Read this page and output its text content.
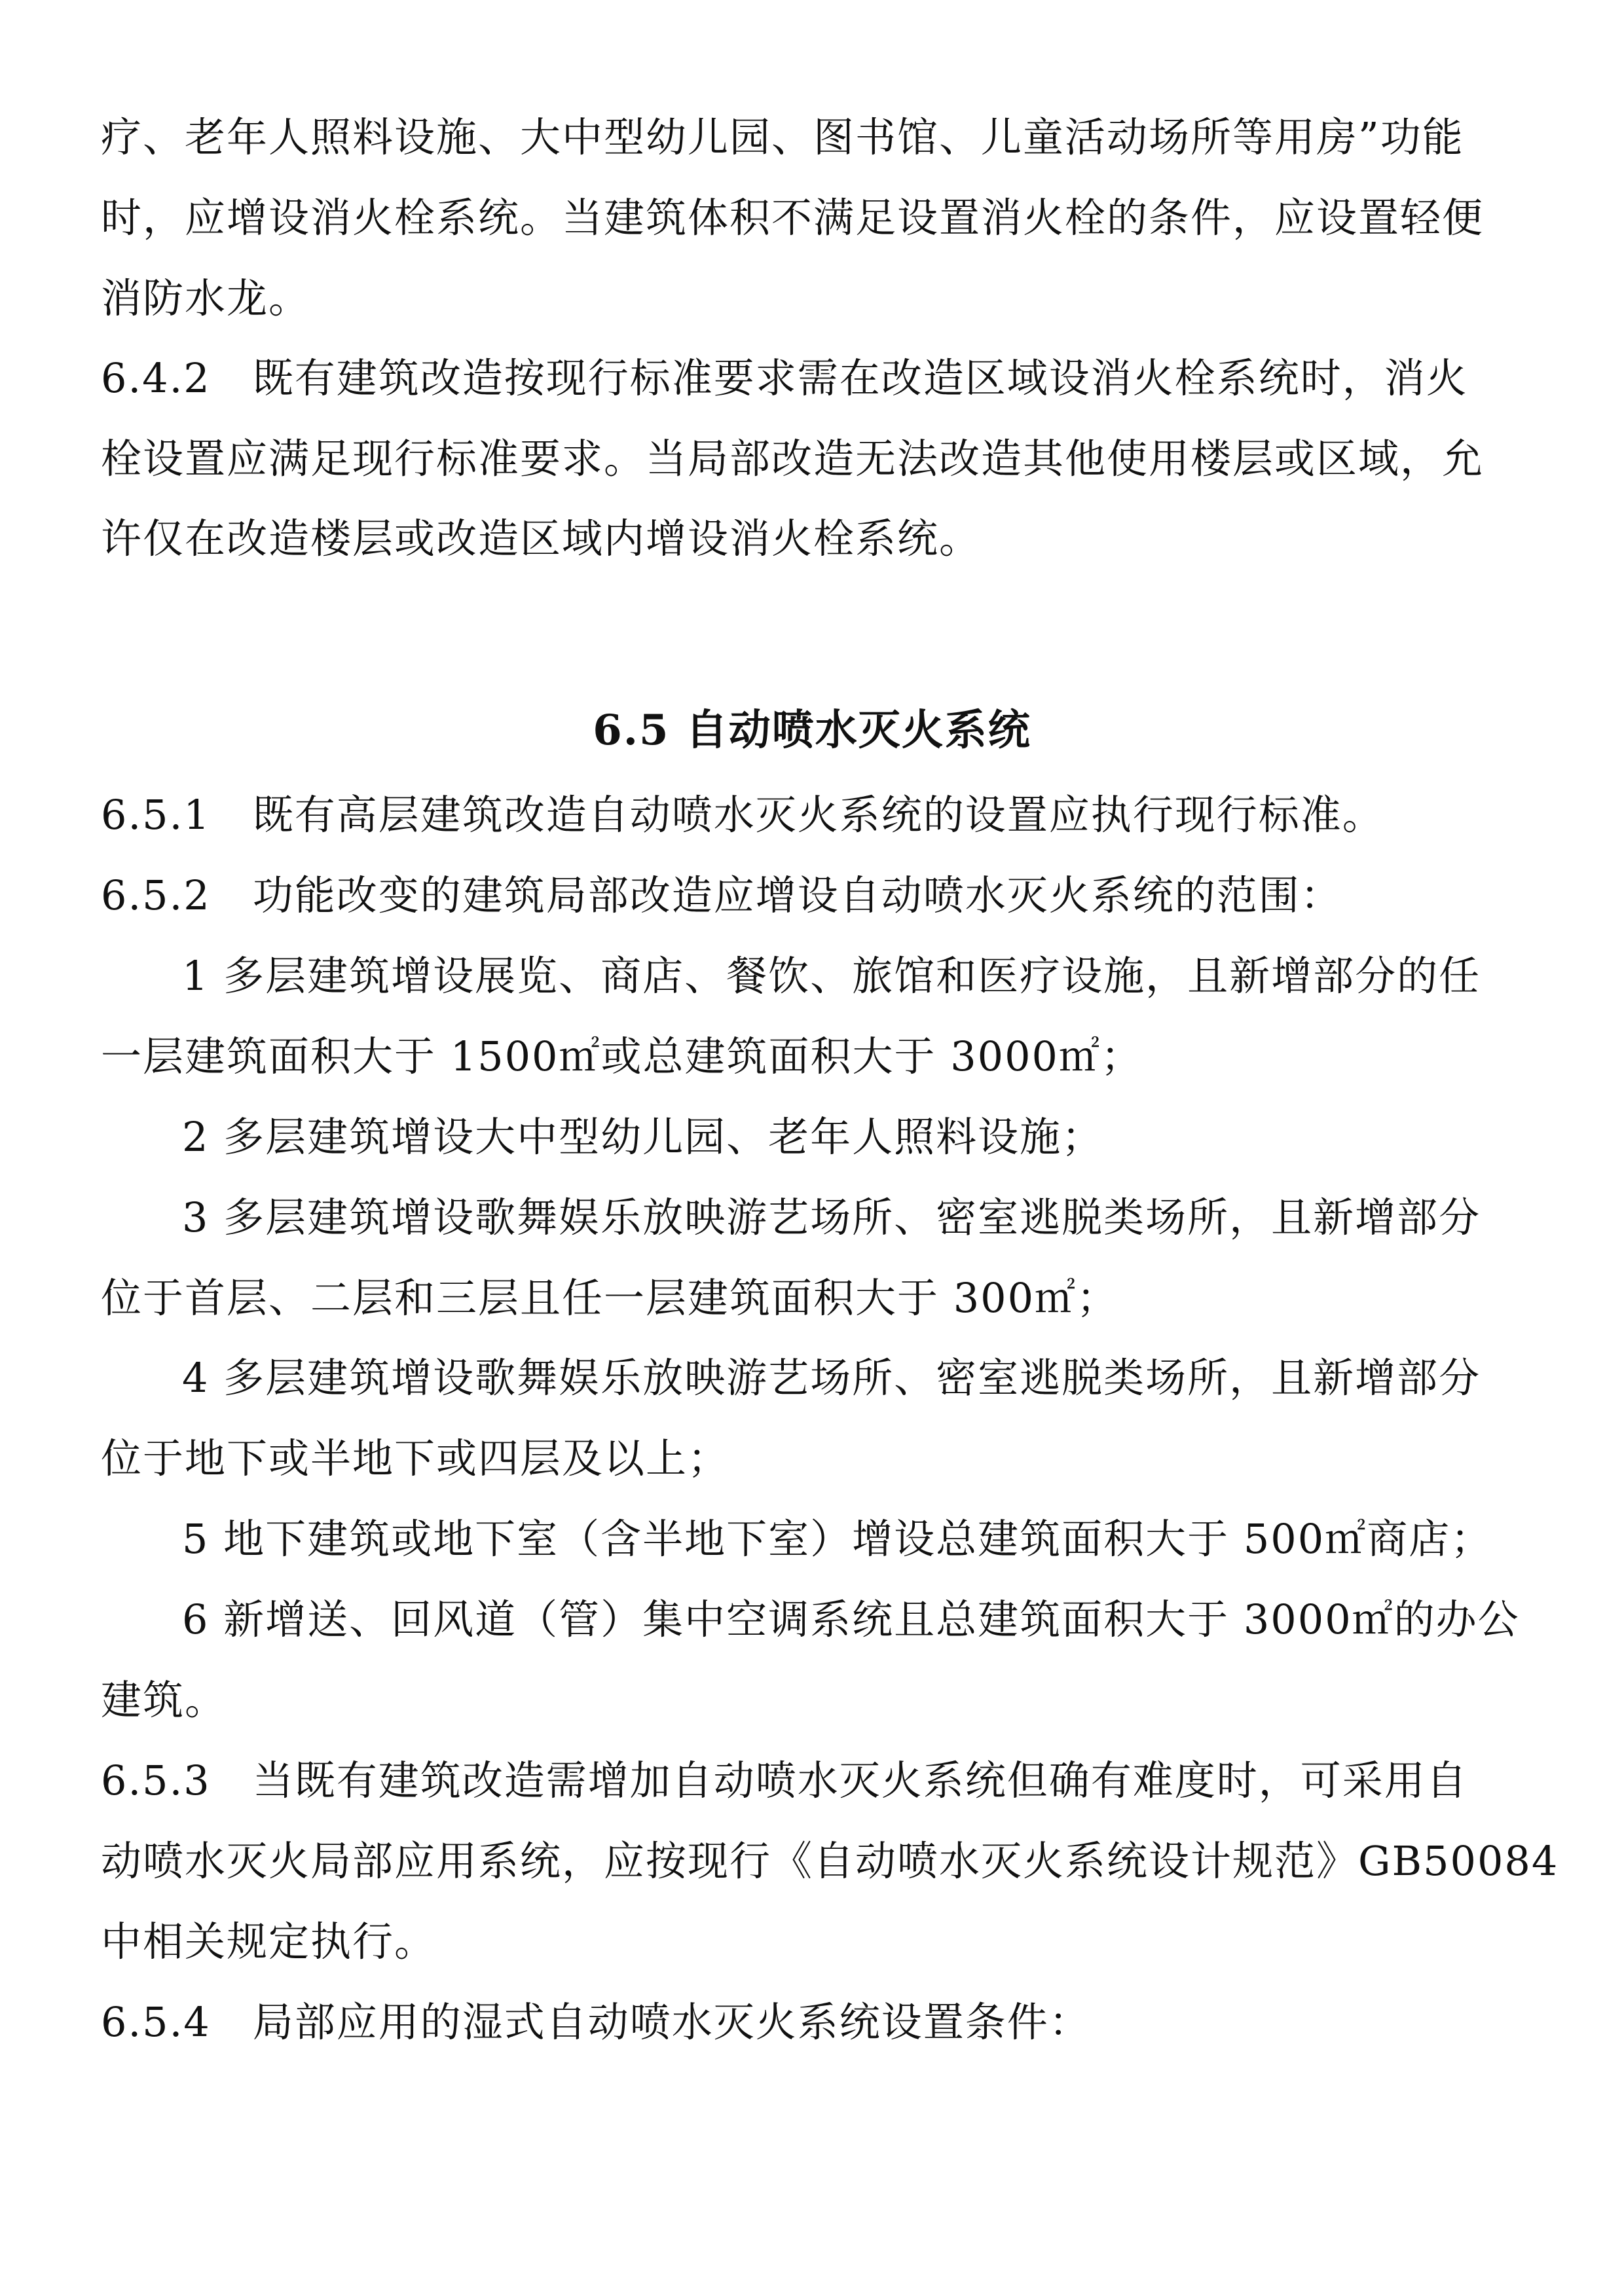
疗、老年人照料设施、大中型幼儿园、图书馆、儿童活动场所等用房”功能
时，应增设消火栓系统。当建筑体积不满足设置消火栓的条件，应设置轻便
消防水龙。
6.4.2　既有建筑改造按现行标准要求需在改造区域设消火栓系统时，消火
栓设置应满足现行标准要求。当局部改造无法改造其他使用楼层或区域，允
许仅在改造楼层或改造区域内增设消火栓系统。
6.5 自动喷水灭火系统
6.5.1　既有高层建筑改造自动喷水灭火系统的设置应执行现行标准。
6.5.2　功能改变的建筑局部改造应增设自动喷水灭火系统的范围：
1 多层建筑增设展览、商店、餐饮、旅馆和医疗设施，且新增部分的任
一层建筑面积大于 1500㎡或总建筑面积大于 3000㎡；
2 多层建筑增设大中型幼儿园、老年人照料设施；
3 多层建筑增设歌舞娱乐放映游艺场所、密室逃脱类场所，且新增部分
位于首层、二层和三层且任一层建筑面积大于 300㎡；
4 多层建筑增设歌舞娱乐放映游艺场所、密室逃脱类场所，且新增部分
位于地下或半地下或四层及以上；
5 地下建筑或地下室（含半地下室）增设总建筑面积大于 500㎡商店；
6 新增送、回风道（管）集中空调系统且总建筑面积大于 3000㎡的办公
建筑。
6.5.3　当既有建筑改造需增加自动喷水灭火系统但确有难度时，可采用自
动喷水灭火局部应用系统，应按现行《自动喷水灭火系统设计规范》GB50084
中相关规定执行。
6.5.4　局部应用的湿式自动喷水灭火系统设置条件：
